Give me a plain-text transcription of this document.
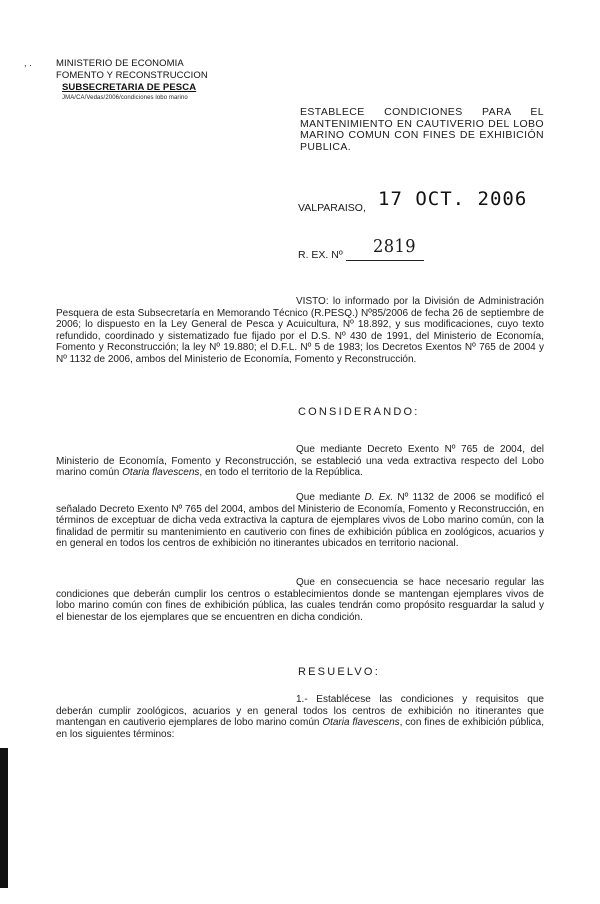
, .	MINISTERIO DE ECONOMIA
FOMENTO Y RECONSTRUCCION
SUBSECRETARIA DE PESCA
JMA/CA/Vedas/2006/condiciones lobo marino
ESTABLECE CONDICIONES PARA EL MANTENIMIENTO EN CAUTIVERIO DEL LOBO MARINO COMUN CON FINES DE EXHIBICIÓN PUBLICA.
VALPARAISO, 17 OCT. 2006
R. EX. Nº 2819
VISTO: lo informado por la División de Administración Pesquera de esta Subsecretaría en Memorando Técnico (R.PESQ.) Nº85/2006 de fecha 26 de septiembre de 2006; lo dispuesto en la Ley General de Pesca y Acuicultura, Nº 18.892, y sus modificaciones, cuyo texto refundido, coordinado y sistematizado fue fijado por el D.S. Nº 430 de 1991, del Ministerio de Economía, Fomento y Reconstrucción; la ley Nº 19.880; el D.F.L. Nº 5 de 1983; los Decretos Exentos Nº 765 de 2004 y Nº 1132 de 2006, ambos del Ministerio de Economía, Fomento y Reconstrucción.
CONSIDERANDO:
Que mediante Decreto Exento Nº 765 de 2004, del Ministerio de Economía, Fomento y Reconstrucción, se estableció una veda extractiva respecto del Lobo marino común Otaria flavescens, en todo el territorio de la República.
Que mediante D. Ex. Nº 1132 de 2006 se modificó el señalado Decreto Exento Nº 765 del 2004, ambos del Ministerio de Economía, Fomento y Reconstrucción, en términos de exceptuar de dicha veda extractiva la captura de ejemplares vivos de Lobo marino común, con la finalidad de permitir su mantenimiento en cautiverio con fines de exhibición pública en zoológicos, acuarios y en general en todos los centros de exhibición no itinerantes ubicados en territorio nacional.
Que en consecuencia se hace necesario regular las condiciones que deberán cumplir los centros o establecimientos donde se mantengan ejemplares vivos de lobo marino común con fines de exhibición pública, las cuales tendrán como propósito resguardar la salud y el bienestar de los ejemplares que se encuentren en dicha condición.
RESUELVO:
1.- Establécese las condiciones y requisitos que deberán cumplir zoológicos, acuarios y en general todos los centros de exhibición no itinerantes que mantengan en cautiverio ejemplares de lobo marino común Otaria flavescens, con fines de exhibición pública, en los siguientes términos:
